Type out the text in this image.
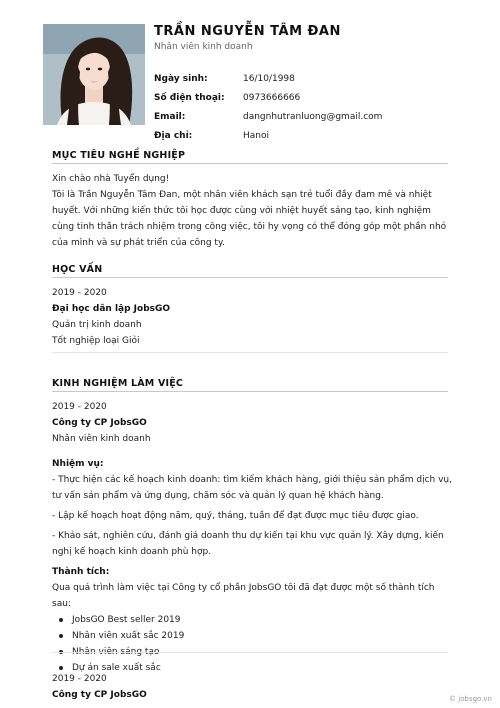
TRẦN NGUYỄN TÂM ĐAN
Nhân viên kinh doanh
Ngày sinh:	16/10/1998
Số điện thoại:	0973666666
Email:	dangnhutranluong@gmail.com
Địa chỉ:	Hanoi
MỤC TIÊU NGHỀ NGHIỆP
Xin chào nhà Tuyển dụng!
Tôi là Trần Nguyễn Tâm Đan, một nhân viên khách sạn trẻ tuổi đầy đam mê và nhiệt huyết. Với những kiến thức tôi học được cùng với nhiệt huyết sáng tạo, kinh nghiệm cùng tinh thần trách nhiệm trong công việc, tôi hy vọng có thể đóng góp một phần nhỏ của mình và sự phát triển của công ty.
HỌC VẤN
2019 - 2020
Đại học dân lập JobsGO
Quản trị kinh doanh
Tốt nghiệp loại Giỏi
KINH NGHIỆM LÀM VIỆC
2019 - 2020
Công ty CP JobsGO
Nhân viên kinh doanh
Nhiệm vụ:
- Thực hiện các kế hoạch kinh doanh: tìm kiếm khách hàng, giới thiệu sản phẩm dịch vụ, tư vấn sản phẩm và ứng dụng, chăm sóc và quản lý quan hệ khách hàng.
- Lập kế hoạch hoạt động năm, quý, tháng, tuần để đạt được mục tiêu được giao.
- Khảo sát, nghiên cứu, đánh giá doanh thu dự kiến tại khu vực quản lý. Xây dựng, kiến nghị kế hoạch kinh doanh phù hợp.
Thành tích:
Qua quá trình làm việc tại Công ty cổ phần JobsGO tôi đã đạt được một số thành tích sau:
JobsGO Best seller 2019
Nhân viên xuất sắc 2019
Nhân viên sáng tạo
Dự án sale xuất sắc
2019 - 2020
Công ty CP JobsGO	© jobsgo.vn
